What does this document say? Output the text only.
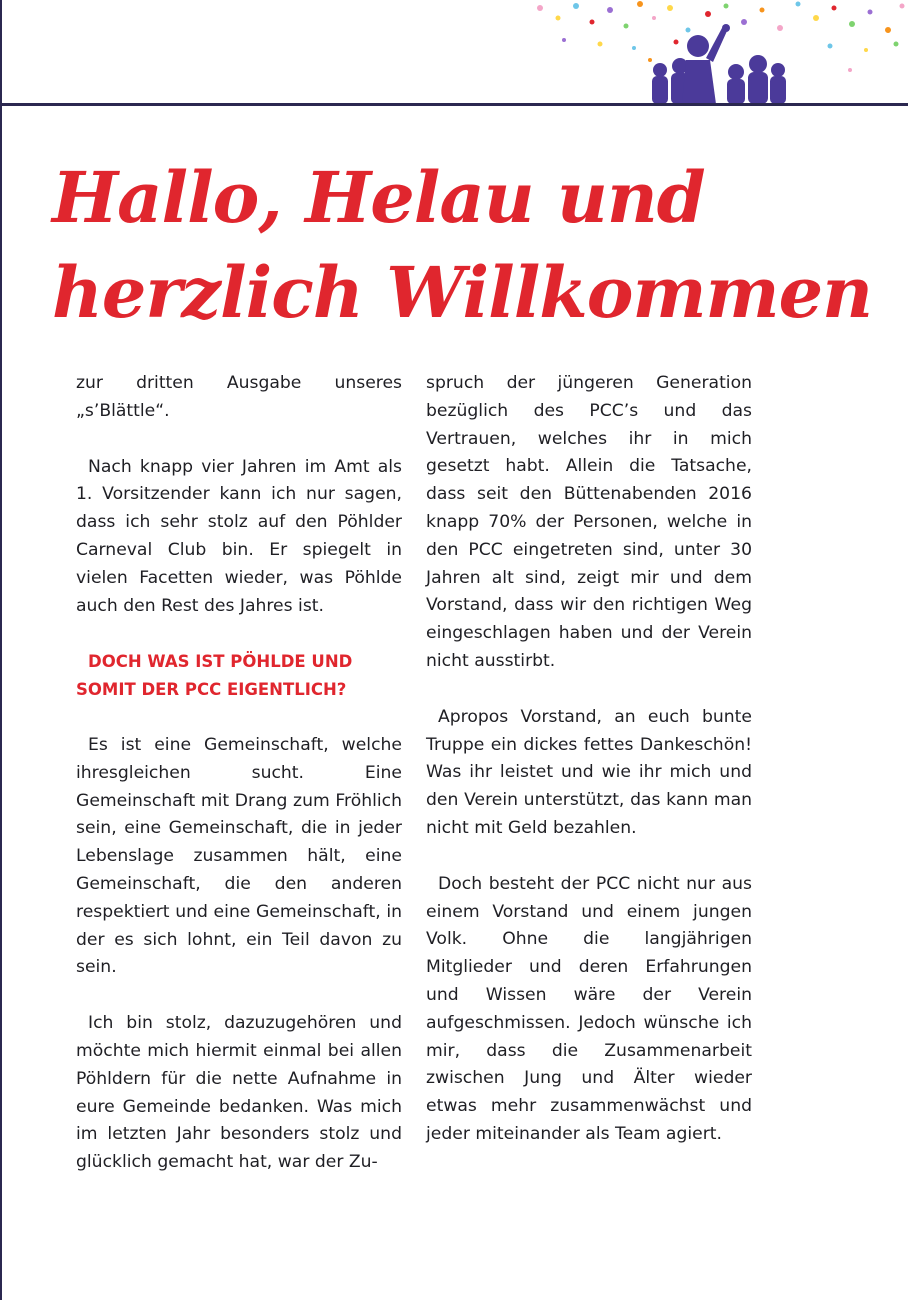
Hallo, Helau und
herzlich Willkommen

zur dritten Ausgabe unseres „s’Blättle“.

Nach knapp vier Jahren im Amt als 1. Vorsitzender kann ich nur sagen, dass ich sehr stolz auf den Pöhlder Carneval Club bin. Er spiegelt in vielen Facetten wieder, was Pöhlde auch den Rest des Jahres ist.

DOCH WAS IST PÖHLDE UND SOMIT DER PCC EIGENTLICH?

Es ist eine Gemeinschaft, welche ihresgleichen sucht. Eine Gemeinschaft mit Drang zum Fröhlich sein, eine Gemeinschaft, die in jeder Lebenslage zusammen hält, eine Gemeinschaft, die den anderen respektiert und eine Gemeinschaft, in der es sich lohnt, ein Teil davon zu sein.

Ich bin stolz, dazuzugehören und möchte mich hiermit einmal bei allen Pöhldern für die nette Aufnahme in eure Gemeinde bedanken. Was mich im letzten Jahr besonders stolz und glücklich gemacht hat, war der Zu-

spruch der jüngeren Generation bezüglich des PCC’s und das Vertrauen, welches ihr in mich gesetzt habt. Allein die Tatsache, dass seit den Büttenabenden 2016 knapp 70% der Personen, welche in den PCC eingetreten sind, unter 30 Jahren alt sind, zeigt mir und dem Vorstand, dass wir den richtigen Weg eingeschlagen haben und der Verein nicht ausstirbt.

Apropos Vorstand, an euch bunte Truppe ein dickes fettes Dankeschön! Was ihr leistet und wie ihr mich und den Verein unterstützt, das kann man nicht mit Geld bezahlen.

Doch besteht der PCC nicht nur aus einem Vorstand und einem jungen Volk. Ohne die langjährigen Mitglieder und deren Erfahrungen und Wissen wäre der Verein aufgeschmissen. Jedoch wünsche ich mir, dass die Zusammenarbeit zwischen Jung und Älter wieder etwas mehr zusammenwächst und jeder miteinander als Team agiert.
